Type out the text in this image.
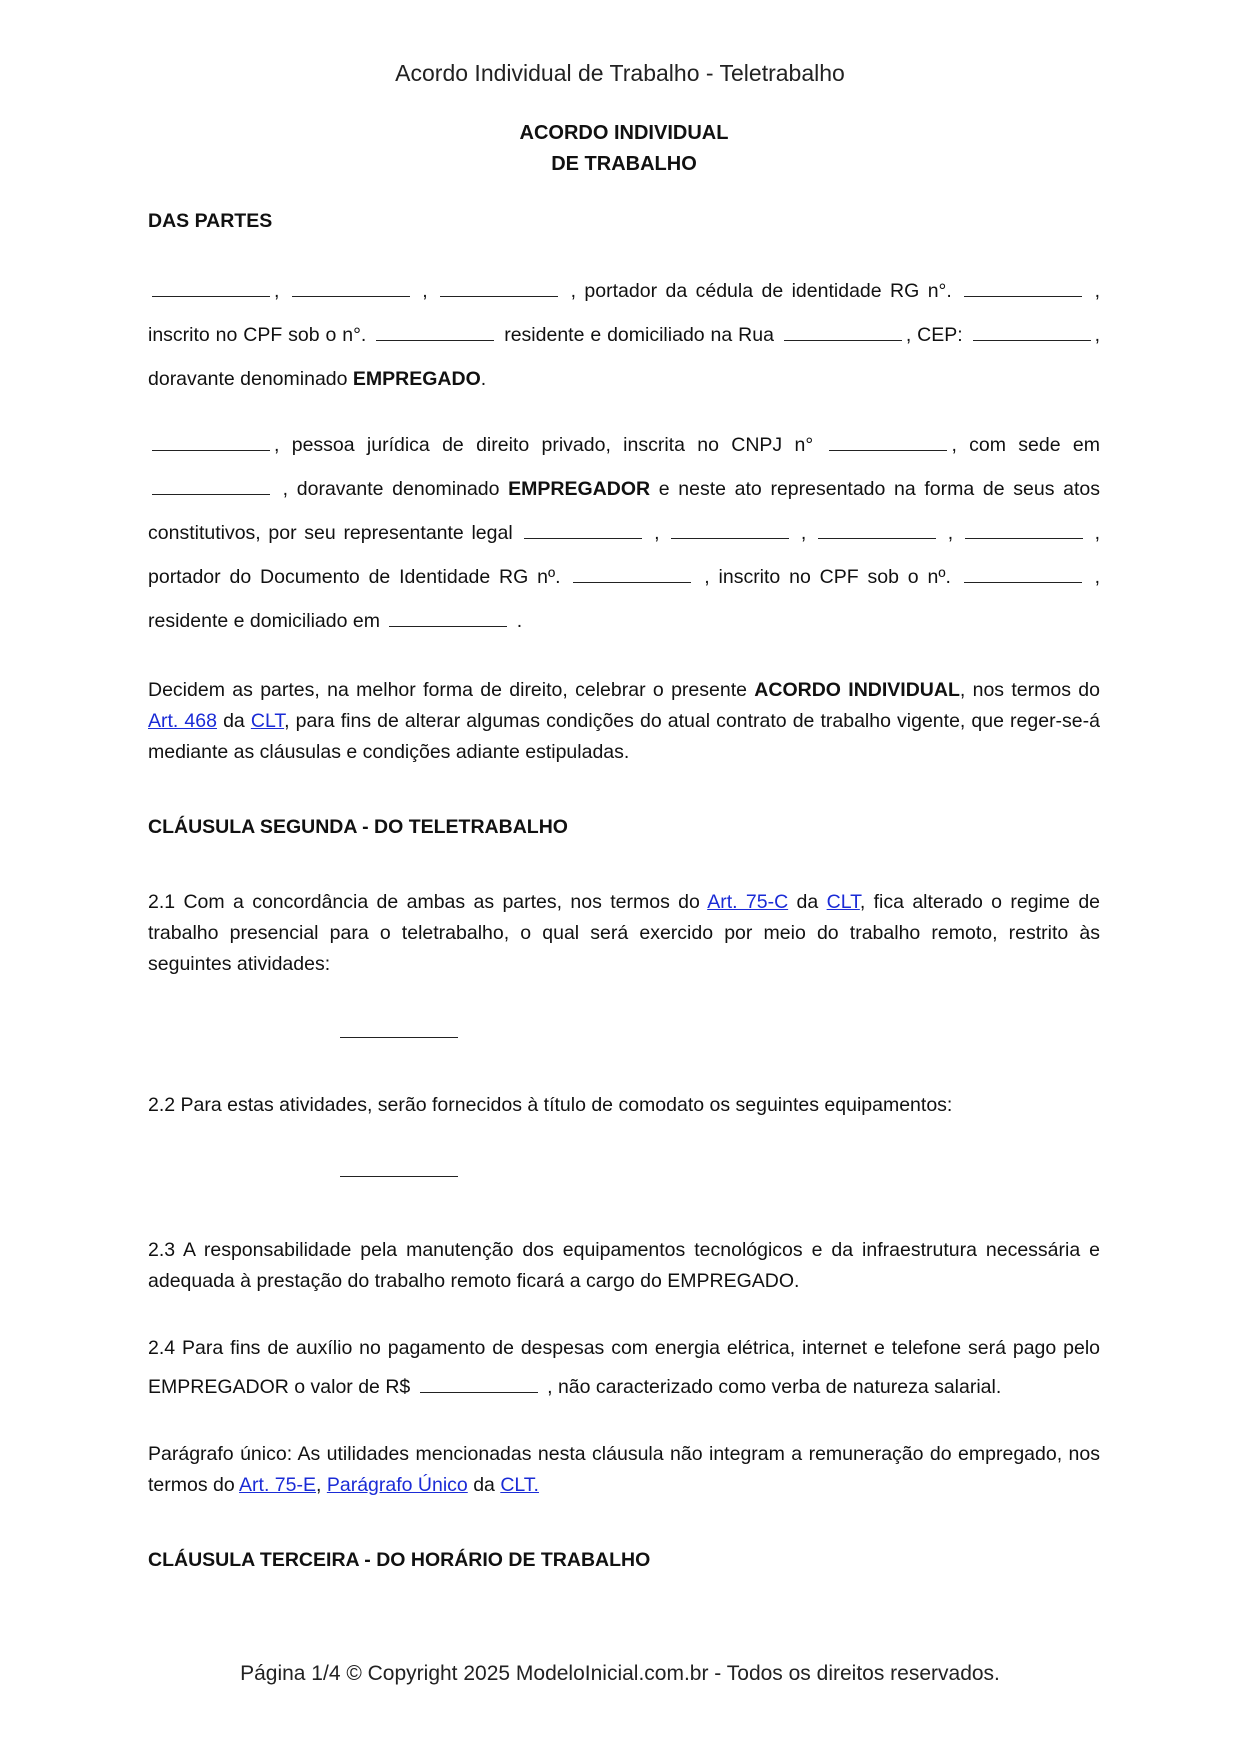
Acordo Individual de Trabalho - Teletrabalho
ACORDO INDIVIDUAL
DE TRABALHO
DAS PARTES
,	,	, portador da cédula de identidade RG n°.	, inscrito no CPF sob o n°.	residente e domiciliado na Rua	, CEP:	, doravante denominado EMPREGADO.
, pessoa jurídica de direito privado, inscrita no CNPJ n°	, com sede em  , doravante denominado EMPREGADOR e neste ato representado na forma de seus atos constitutivos, por seu representante legal	,	,	,	, portador do Documento de Identidade RG nº.	, inscrito no CPF sob o nº.	, residente e domiciliado em	.

Decidem as partes, na melhor forma de direito, celebrar o presente ACORDO INDIVIDUAL, nos termos do Art. 468 da CLT, para fins de alterar algumas condições do atual contrato de trabalho vigente, que reger-se-á mediante as cláusulas e condições adiante estipuladas.

CLÁUSULA SEGUNDA - DO TELETRABALHO

2.1 Com a concordância de ambas as partes, nos termos do Art. 75-C da CLT, fica alterado o regime de trabalho presencial para o teletrabalho, o qual será exercido por meio do trabalho remoto, restrito às seguintes atividades:

2.2 Para estas atividades, serão fornecidos à título de comodato os seguintes equipamentos:

2.3 A responsabilidade pela manutenção dos equipamentos tecnológicos e da infraestrutura necessária e adequada à prestação do trabalho remoto ficará a cargo do EMPREGADO.

2.4 Para fins de auxílio no pagamento de despesas com energia elétrica, internet e telefone será pago pelo EMPREGADOR o valor de R$	, não caracterizado como verba de natureza salarial.

Parágrafo único: As utilidades mencionadas nesta cláusula não integram a remuneração do empregado, nos termos do Art. 75-E, Parágrafo Único da CLT.

CLÁUSULA TERCEIRA - DO HORÁRIO DE TRABALHO
Página 1/4 © Copyright 2025 ModeloInicial.com.br - Todos os direitos reservados.
